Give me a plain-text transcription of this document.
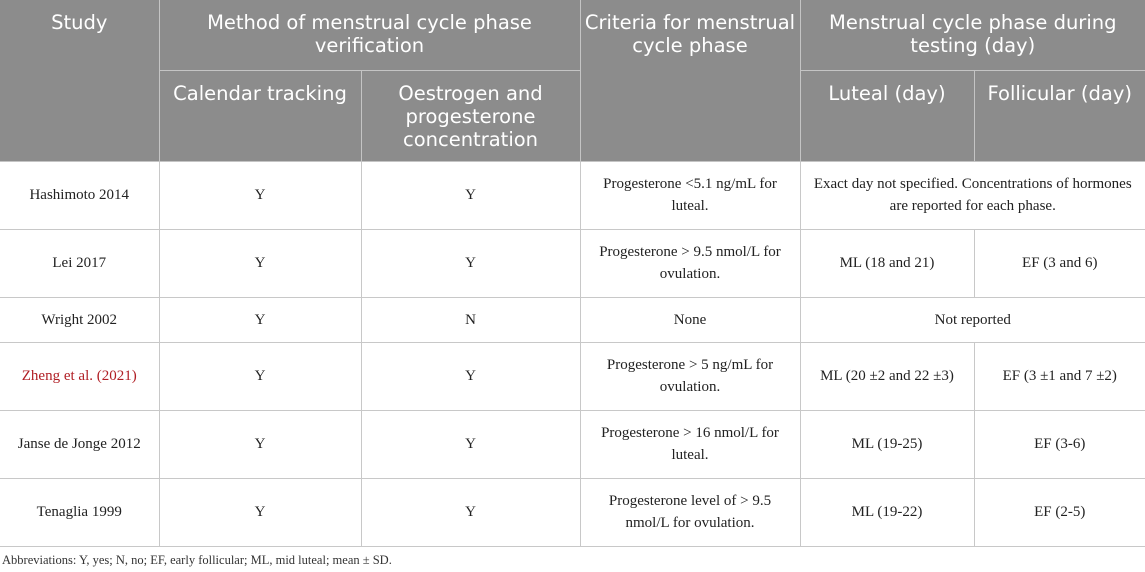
Study	Method of menstrual cycle phase verification		Criteria for menstrual cycle phase	Menstrual cycle phase during testing (day)	
	Calendar tracking	Oestrogen and progesterone concentration		Luteal (day)	Follicular (day)
Hashimoto 2014	Y	Y	Progesterone <5.1 ng/mL for luteal.	Exact day not specified. Concentrations of hormones are reported for each phase.	
Lei 2017	Y	Y	Progesterone > 9.5 nmol/L for ovulation.	ML (18 and 21)	EF (3 and 6)
Wright 2002	Y	N	None	Not reported	
Zheng et al. (2021)	Y	Y	Progesterone > 5 ng/mL for ovulation.	ML (20 ±2 and 22 ±3)	EF (3 ±1 and 7 ±2)
Janse de Jonge 2012	Y	Y	Progesterone > 16 nmol/L for luteal.	ML (19-25)	EF (3-6)
Tenaglia 1999	Y	Y	Progesterone level of > 9.5 nmol/L for ovulation.	ML (19-22)	EF (2-5)
Abbreviations: Y, yes; N, no; EF, early follicular; ML, mid luteal; mean ± SD.
